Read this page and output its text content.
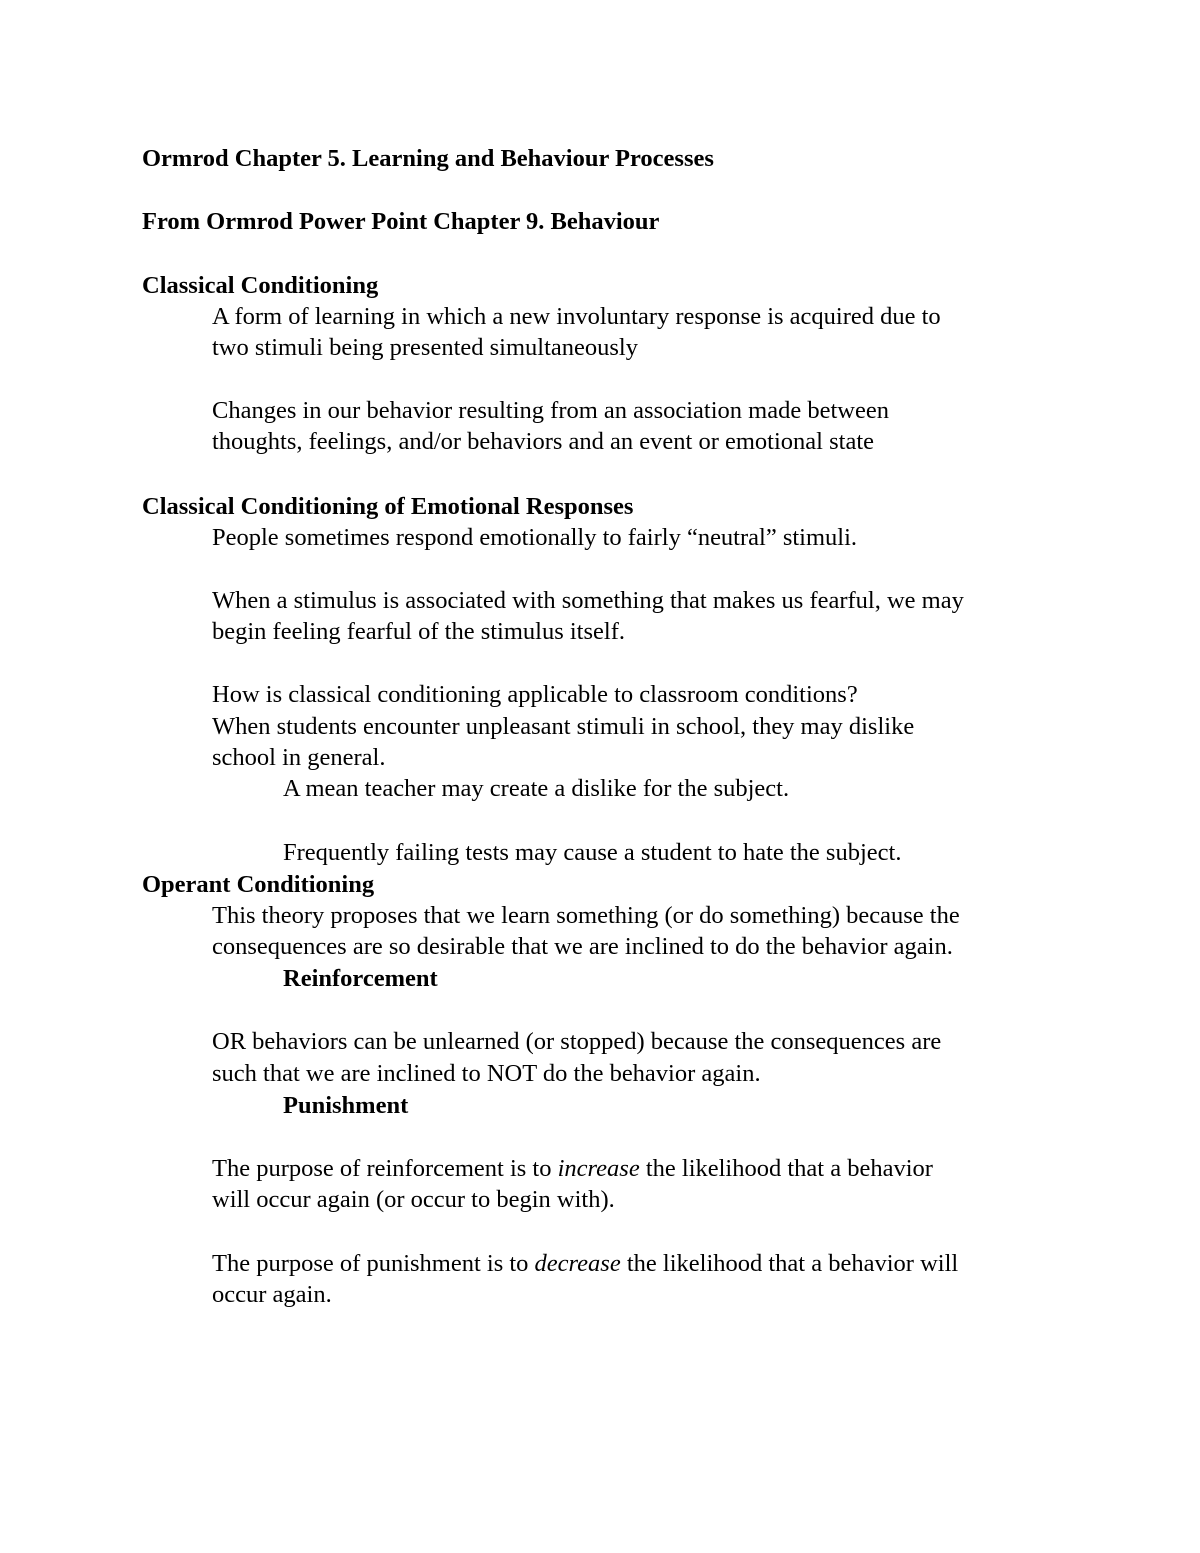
Ormrod Chapter 5. Learning and Behaviour Processes

From Ormrod Power Point Chapter 9. Behaviour

Classical Conditioning

A form of learning in which a new involuntary response is acquired due to

two stimuli being presented simultaneously

Changes in our behavior resulting from an association made between

thoughts, feelings, and/or behaviors and an event or emotional state

Classical Conditioning of Emotional Responses

People sometimes respond emotionally to fairly “neutral” stimuli.

When a stimulus is associated with something that makes us fearful, we may

begin feeling fearful of the stimulus itself.

How is classical conditioning applicable to classroom conditions?

When students encounter unpleasant stimuli in school, they may dislike

school in general.

A mean teacher may create a dislike for the subject.

Frequently failing tests may cause a student to hate the subject.

Operant Conditioning

This theory proposes that we learn something (or do something) because the

consequences are so desirable that we are inclined to do the behavior again.

Reinforcement

OR behaviors can be unlearned (or stopped) because the consequences are

such that we are inclined to NOT do the behavior again.

Punishment

The purpose of reinforcement is to increase the likelihood that a behavior

will occur again (or occur to begin with).

The purpose of punishment is to decrease the likelihood that a behavior will

occur again.
